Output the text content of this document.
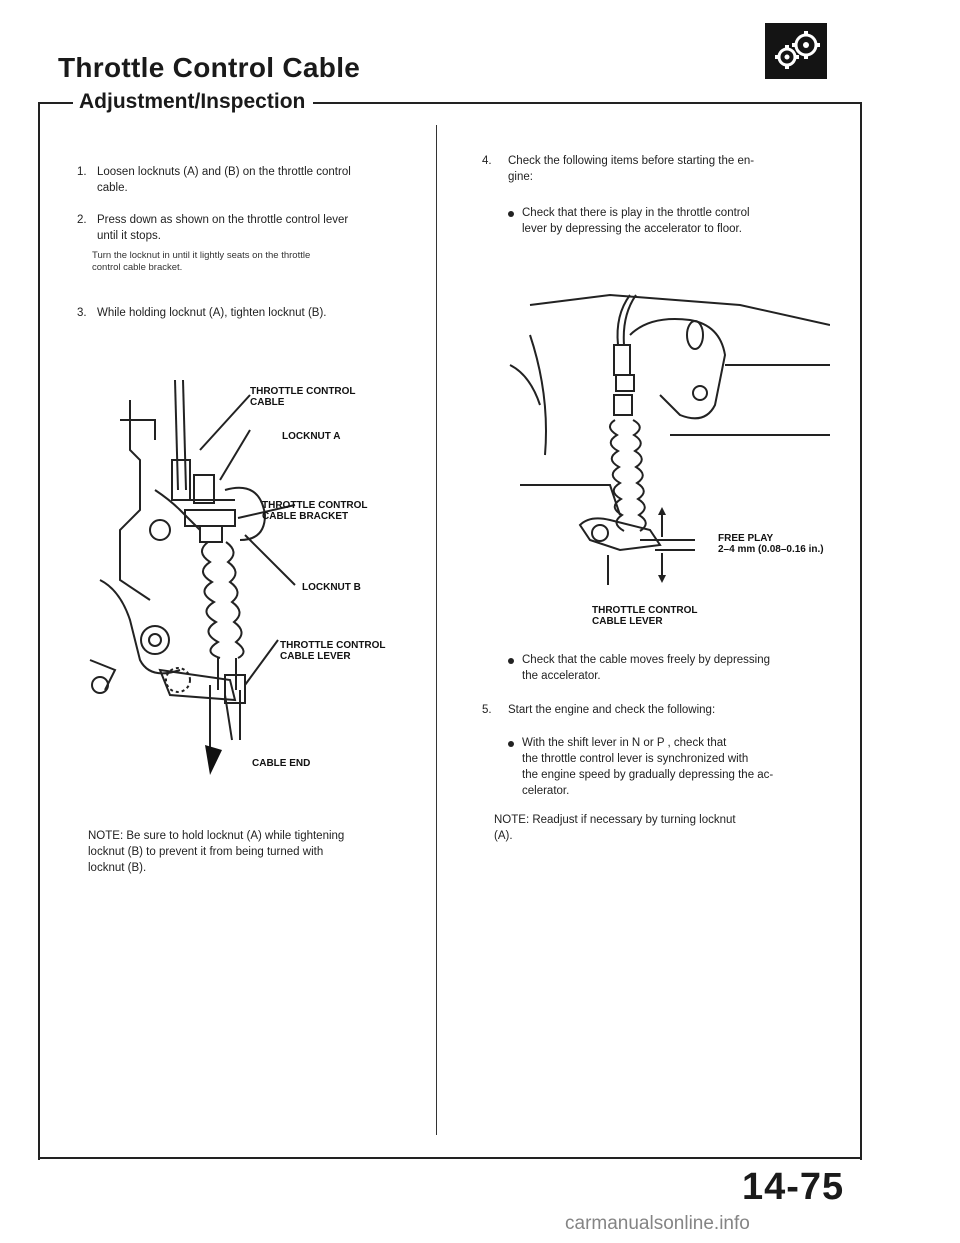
Throttle Control Cable
Adjustment/Inspection
1. Loosen locknuts (A) and (B) on the throttle control
cable.
2. Press down as shown on the throttle control lever
until it stops.
Turn the locknut in until it lightly seats on the throttle
control cable bracket.
3. While holding locknut (A), tighten locknut (B).
THROTTLE CONTROL
CABLE
LOCKNUT A
THROTTLE CONTROL
CABLE BRACKET
LOCKNUT B
THROTTLE CONTROL
CABLE LEVER
CABLE END
NOTE: Be sure to hold locknut (A) while tightening
locknut (B) to prevent it from being turned with
locknut (B).
4. Check the following items before starting the en-
gine:
Check that there is play in the throttle control
lever by depressing the accelerator to floor.
FREE PLAY
2–4 mm (0.08–0.16 in.)
THROTTLE CONTROL
CABLE LEVER
Check that the cable moves freely by depressing
the accelerator.
5. Start the engine and check the following:
With the shift lever in N or P , check that
the throttle control lever is synchronized with
the engine speed by gradually depressing the ac-
celerator.
NOTE: Readjust if necessary by turning locknut
(A).
14-75
carmanualsonline.info
